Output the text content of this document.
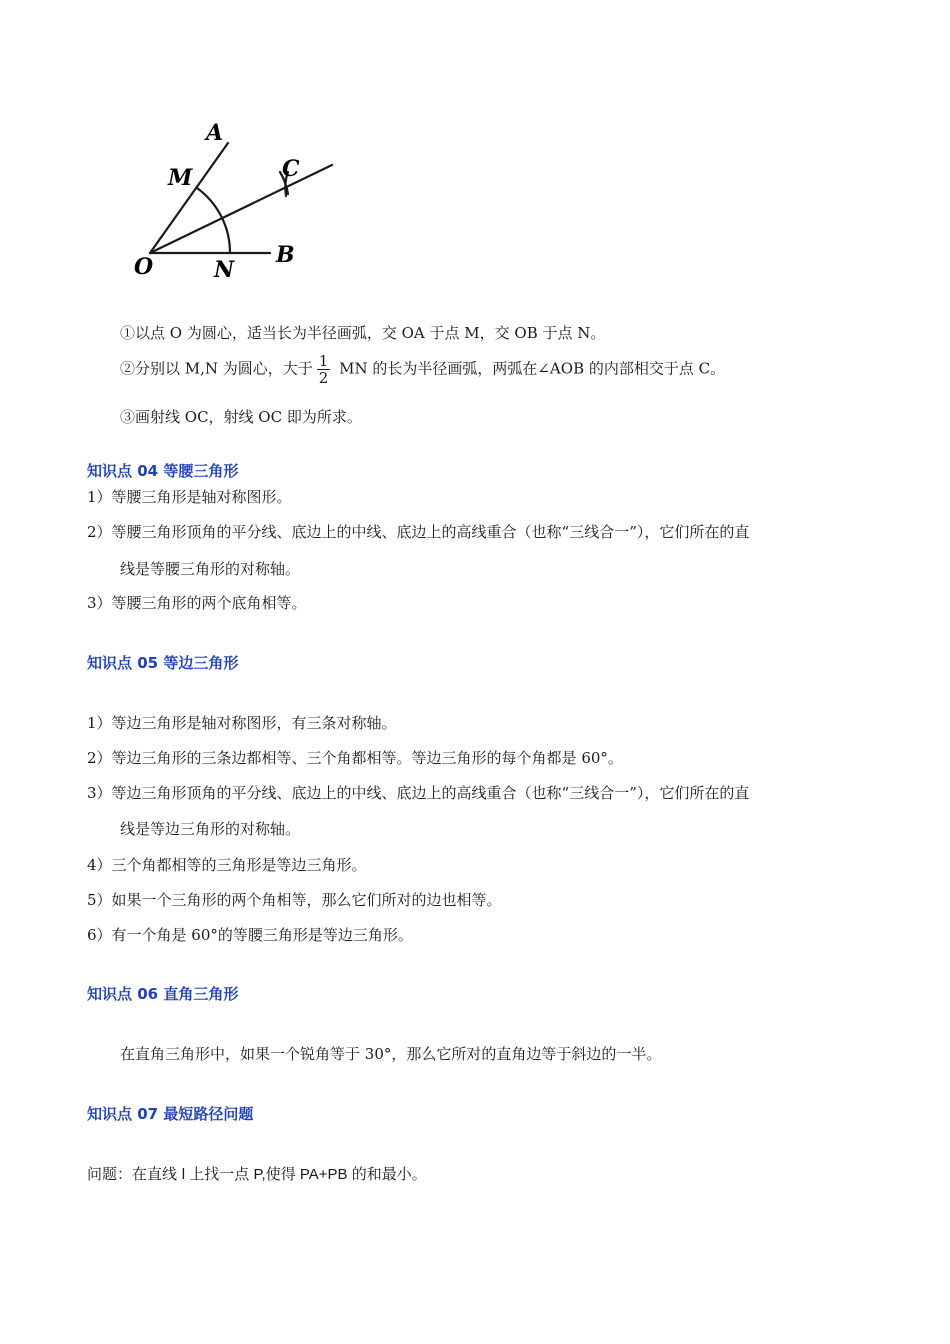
A
M	C
O	N
B
①以点 O 为圆心，适当长为半径画弧，交 OA 于点 M，交 OB 于点 N。
②分别以 M,N 为圆心，大于 $\frac{1}{2}$ MN 的长为半径画弧，两弧在∠AOB 的内部相交于点 C。
③画射线 OC，射线 OC 即为所求。
知识点 04 等腰三角形
1）等腰三角形是轴对称图形。
2）等腰三角形顶角的平分线、底边上的中线、底边上的高线重合（也称“三线合一”），它们所在的直
线是等腰三角形的对称轴。
3）等腰三角形的两个底角相等。
知识点 05 等边三角形
1）等边三角形是轴对称图形，有三条对称轴。
2）等边三角形的三条边都相等、三个角都相等。等边三角形的每个角都是 60°。
3）等边三角形顶角的平分线、底边上的中线、底边上的高线重合（也称“三线合一”），它们所在的直
线是等边三角形的对称轴。
4）三个角都相等的三角形是等边三角形。
5）如果一个三角形的两个角相等，那么它们所对的边也相等。
6）有一个角是 60°的等腰三角形是等边三角形。
知识点 06 直角三角形
在直角三角形中，如果一个锐角等于 30°，那么它所对的直角边等于斜边的一半。
知识点 07 最短路径问题
问题：在直线 l 上找一点 P,使得 PA+PB 的和最小。
